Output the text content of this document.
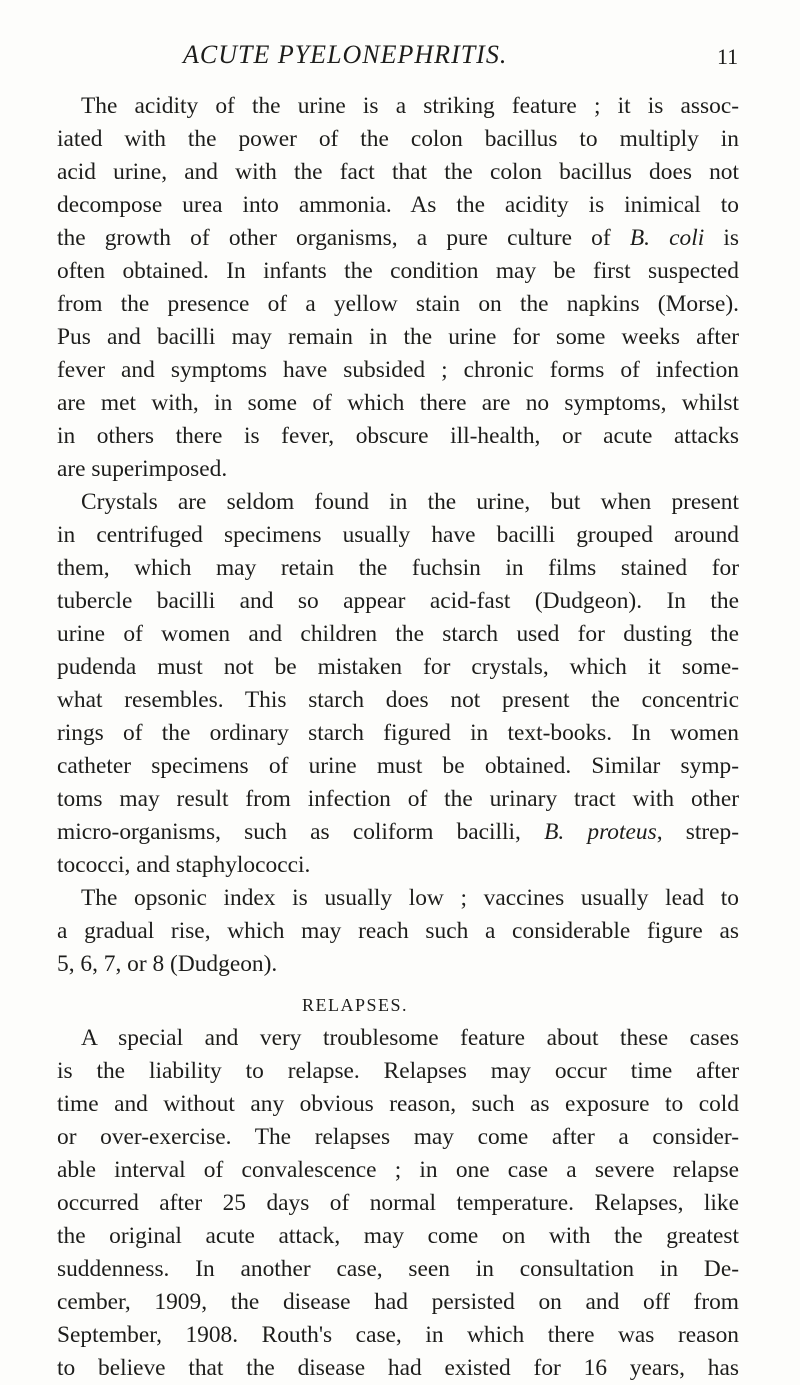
ACUTE PYELONEPHRITIS.	11
The acidity of the urine is a striking feature ; it is assoc-
iated with the power of the colon bacillus to multiply in
acid urine, and with the fact that the colon bacillus does not
decompose urea into ammonia. As the acidity is inimical to
the growth of other organisms, a pure culture of B. coli is
often obtained. In infants the condition may be first suspected
from the presence of a yellow stain on the napkins (Morse).
Pus and bacilli may remain in the urine for some weeks after
fever and symptoms have subsided ; chronic forms of infection
are met with, in some of which there are no symptoms, whilst
in others there is fever, obscure ill-health, or acute attacks
are superimposed.
Crystals are seldom found in the urine, but when present
in centrifuged specimens usually have bacilli grouped around
them, which may retain the fuchsin in films stained for
tubercle bacilli and so appear acid-fast (Dudgeon). In the
urine of women and children the starch used for dusting the
pudenda must not be mistaken for crystals, which it some-
what resembles. This starch does not present the concentric
rings of the ordinary starch figured in text-books. In women
catheter specimens of urine must be obtained. Similar symp-
toms may result from infection of the urinary tract with other
micro-organisms, such as coliform bacilli, B. proteus, strep-
tococci, and staphylococci.
The opsonic index is usually low ; vaccines usually lead to
a gradual rise, which may reach such a considerable figure as
5, 6, 7, or 8 (Dudgeon).
RELAPSES.
A special and very troublesome feature about these cases
is the liability to relapse. Relapses may occur time after
time and without any obvious reason, such as exposure to cold
or over-exercise. The relapses may come after a consider-
able interval of convalescence ; in one case a severe relapse
occurred after 25 days of normal temperature. Relapses, like
the original acute attack, may come on with the greatest
suddenness. In another case, seen in consultation in De-
cember, 1909, the disease had persisted on and off from
September, 1908. Routh's case, in which there was reason
to believe that the disease had existed for 16 years, has
